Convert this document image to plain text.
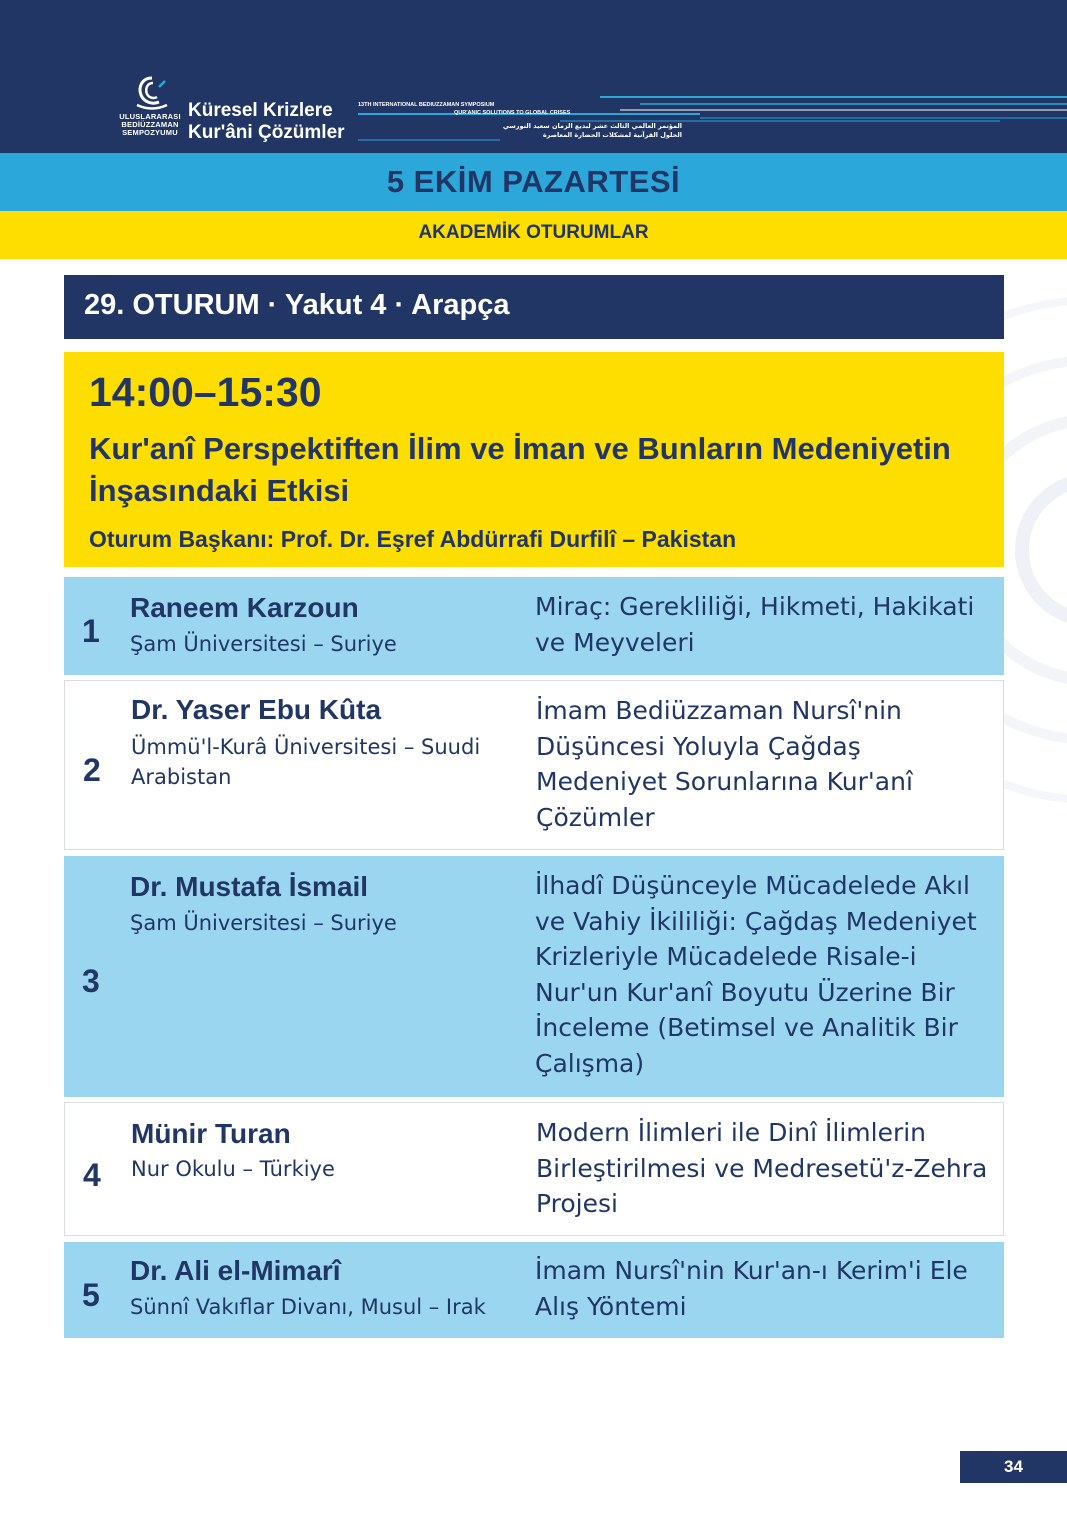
ULUSLARARASI
BEDİÜZZAMAN
SEMPOZYUMU
Küresel Krizlere
Kur'âni Çözümler
13TH INTERNATIONAL BEDIUZZAMAN SYMPOSIUM
QUR'ANIC SOLUTIONS TO GLOBAL CRISES
المؤتمر العالمي الثالث عشر لبديع الزمان سعيد النورسي
الحلول القرآنية لمشكلات الحضارة المعاصرة
5 EKİM PAZARTESİ
AKADEMİK OTURUMLAR
29. OTURUM · Yakut 4 · Arapça
14:00–15:30
Kur'anî Perspektiften İlim ve İman ve Bunların Medeniyetin İnşasındaki Etkisi
Oturum Başkanı: Prof. Dr. Eşref Abdürrafi Durfilî – Pakistan
1
Raneem Karzoun
Şam Üniversitesi – Suriye
Miraç: Gerekliliği, Hikmeti, Hakikati ve Meyveleri
2
Dr. Yaser Ebu Kûta
Ümmü'l-Kurâ Üniversitesi – Suudi Arabistan
İmam Bediüzzaman Nursî'nin Düşüncesi Yoluyla Çağdaş Medeniyet Sorunlarına Kur'anî Çözümler
3
Dr. Mustafa İsmail
Şam Üniversitesi – Suriye
İlhadî Düşünceyle Mücadelede Akıl ve Vahiy İkililiği: Çağdaş Medeniyet Krizleriyle Mücadelede Risale-i Nur'un Kur'anî Boyutu Üzerine Bir İnceleme (Betimsel ve Analitik Bir Çalışma)
4
Münir Turan
Nur Okulu – Türkiye
Modern İlimleri ile Dinî İlimlerin Birleştirilmesi ve Medresetü'z-Zehra Projesi
5
Dr. Ali el-Mimarî
Sünnî Vakıflar Divanı, Musul – Irak
İmam Nursî'nin Kur'an-ı Kerim'i Ele Alış Yöntemi
34
